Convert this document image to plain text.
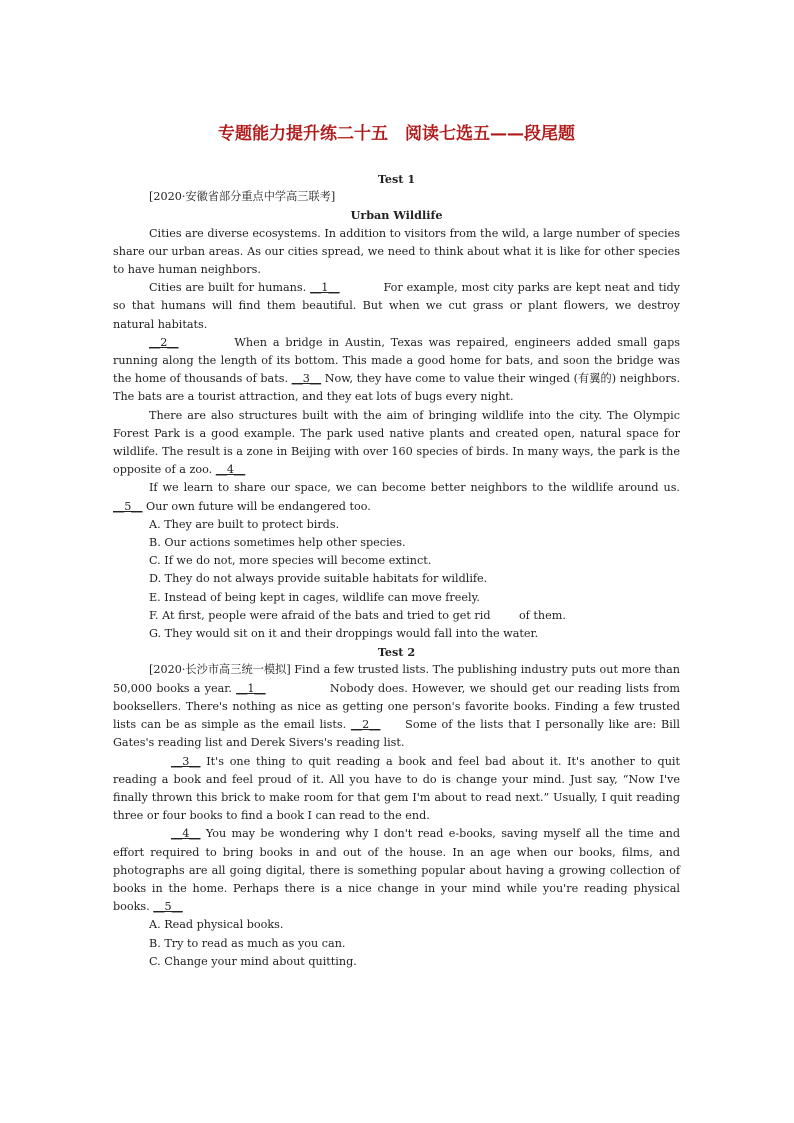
专题能力提升练二十五　阅读七选五——段尾题
Test 1
[2020·安徽省部分重点中学高三联考]
Urban Wildlife

Cities are diverse ecosystems. In addition to visitors from the wild, a large number of species share our urban areas. As our cities spread, we need to think about what it is like for other species to have human neighbors.

Cities are built for humans. __1__	For example, most city parks are kept neat and tidy so that humans will find them beautiful. But when we cut grass or plant flowers, we destroy natural habitats.

__2__	When a bridge in Austin, Texas was repaired, engineers added small gaps running along the length of its bottom. This made a good home for bats, and soon the bridge was the home of thousands of bats. __3__ Now, they have come to value their winged (有翼的) neighbors. The bats are a tourist attraction, and they eat lots of bugs every night.

There are also structures built with the aim of bringing wildlife into the city. The Olympic Forest Park is a good example. The park used native plants and created open, natural space for wildlife. The result is a zone in Beijing with over 160 species of birds. In many ways, the park is the opposite of a zoo. __4__

If we learn to share our space, we can become better neighbors to the wildlife around us. __5__ Our own future will be endangered too.

A. They are built to protect birds.
B. Our actions sometimes help other species.
C. If we do not, more species will become extinct.
D. They do not always provide suitable habitats for wildlife.
E. Instead of being kept in cages, wildlife can move freely.
F. At first, people were afraid of the bats and tried to get rid        of them.
G. They would sit on it and their droppings would fall into the water.
Test 2

[2020·长沙市高三统一模拟] Find a few trusted lists. The publishing industry puts out more than 50,000 books a year. __1__	Nobody does. However, we should get our reading lists from booksellers. There's nothing as nice as getting one person's favorite books. Finding a few trusted lists can be as simple as the email lists. __2__ Some of the lists that I personally like are: Bill Gates's reading list and Derek Sivers's reading list.

__3__ It's one thing to quit reading a book and feel bad about it. It's another to quit reading a book and feel proud of it. All you have to do is change your mind. Just say, “Now I've finally thrown this brick to make room for that gem I'm about to read next.” Usually, I quit reading three or four books to find a book I can read to the end.

__4__ You may be wondering why I don't read e-books, saving myself all the time and effort required to bring books in and out of the house. In an age when our books, films, and photographs are all going digital, there is something popular about having a growing collection of books in the home. Perhaps there is a nice change in your mind while you're reading physical books. __5__

A. Read physical books.
B. Try to read as much as you can.
C. Change your mind about quitting.
